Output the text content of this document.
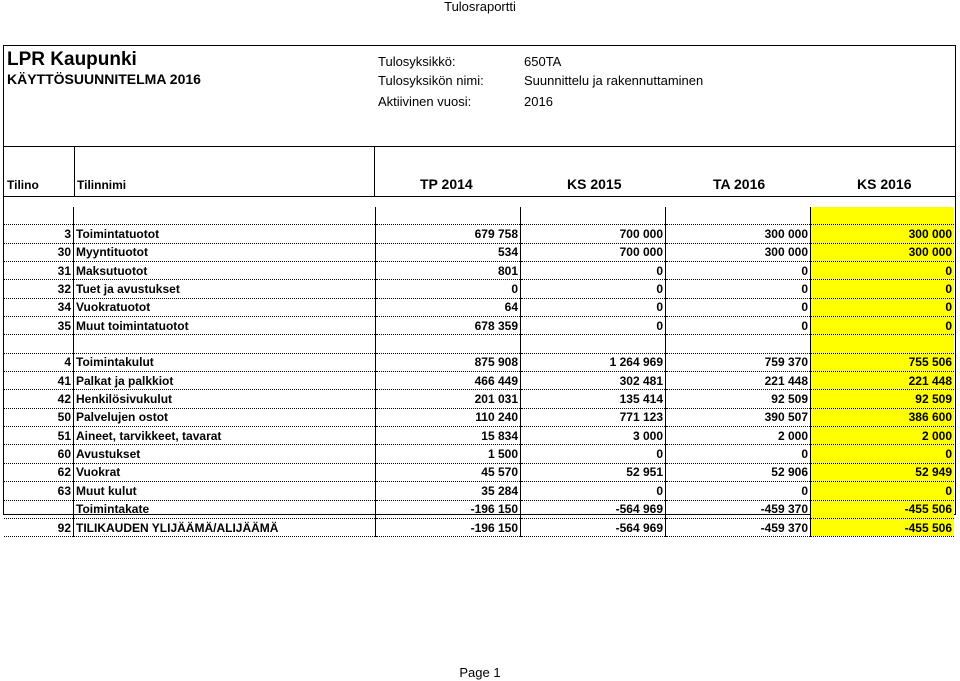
Tulosraportti
LPR Kaupunki
KÄYTTÖSUUNNITELMA 2016
Tulosyksikkö:	650TA
Tulosyksikön nimi:	Suunnittelu ja rakennuttaminen
Aktiivinen vuosi:	2016
Tilino	Tilinnimi	TP 2014	KS 2015	TA 2016	KS 2016

3	Toimintatuotot	679 758	700 000	300 000	300 000
30	Myyntituotot	534	700 000	300 000	300 000
31	Maksutuotot	801	0	0	0
32	Tuet ja avustukset	0	0	0	0
34	Vuokratuotot	64	0	0	0
35	Muut toimintatuotot	678 359	0	0	0

4	Toimintakulut	875 908	1 264 969	759 370	755 506
41	Palkat ja palkkiot	466 449	302 481	221 448	221 448
42	Henkilösivukulut	201 031	135 414	92 509	92 509
50	Palvelujen ostot	110 240	771 123	390 507	386 600
51	Aineet, tarvikkeet, tavarat	15 834	3 000	2 000	2 000
60	Avustukset	1 500	0	0	0
62	Vuokrat	45 570	52 951	52 906	52 949
63	Muut kulut	35 284	0	0	0
	Toimintakate	-196 150	-564 969	-459 370	-455 506
92	TILIKAUDEN YLIJÄÄMÄ/ALIJÄÄMÄ	-196 150	-564 969	-459 370	-455 506
Page 1
